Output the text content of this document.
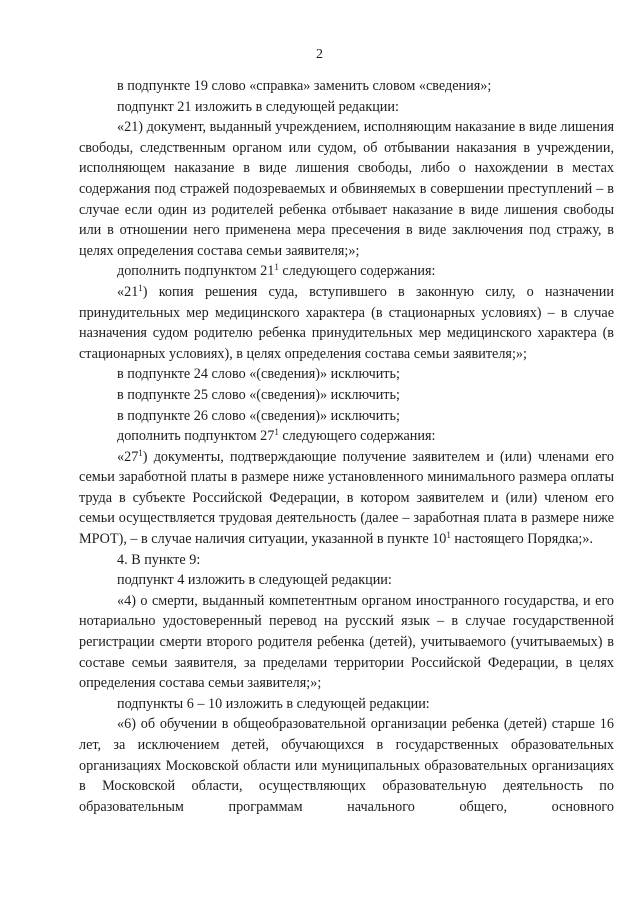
2

в подпункте 19 слово «справка» заменить словом «сведения»;

подпункт 21 изложить в следующей редакции:

«21) документ, выданный учреждением, исполняющим наказание в виде лишения свободы, следственным органом или судом, об отбывании наказания в учреждении, исполняющем наказание в виде лишения свободы, либо о нахождении в местах содержания под стражей подозреваемых и обвиняемых в совершении преступлений – в случае если один из родителей ребенка отбывает наказание в виде лишения свободы или в отношении него применена мера пресечения в виде заключения под стражу, в целях определения состава семьи заявителя;»;

дополнить подпунктом $21^1$ следующего содержания:

«$21^1$) копия решения суда, вступившего в законную силу, о назначении принудительных мер медицинского характера (в стационарных условиях) – в случае назначения судом родителю ребенка принудительных мер медицинского характера (в стационарных условиях), в целях определения состава семьи заявителя;»;

в подпункте 24 слово «(сведения)» исключить;

в подпункте 25 слово «(сведения)» исключить;

в подпункте 26 слово «(сведения)» исключить;

дополнить подпунктом $27^1$ следующего содержания:

«$27^1$) документы, подтверждающие получение заявителем и (или) членами его семьи заработной платы в размере ниже установленного минимального размера оплаты труда в субъекте Российской Федерации, в котором заявителем и (или) членом его семьи осуществляется трудовая деятельность (далее – заработная плата в размере ниже МРОТ), – в случае наличия ситуации, указанной в пункте $10^1$ настоящего Порядка;».

4. В пункте 9:

подпункт 4 изложить в следующей редакции:

«4) о смерти, выданный компетентным органом иностранного государства, и его нотариально удостоверенный перевод на русский язык – в случае государственной регистрации смерти второго родителя ребенка (детей), учитываемого (учитываемых) в составе семьи заявителя, за пределами территории Российской Федерации, в целях определения состава семьи заявителя;»;

подпункты 6 – 10 изложить в следующей редакции:

«6) об обучении в общеобразовательной организации ребенка (детей) старше 16 лет, за исключением детей, обучающихся в государственных образовательных организациях Московской области или муниципальных образовательных организациях в Московской области, осуществляющих образовательную деятельность по образовательным программам начального общего, основного
